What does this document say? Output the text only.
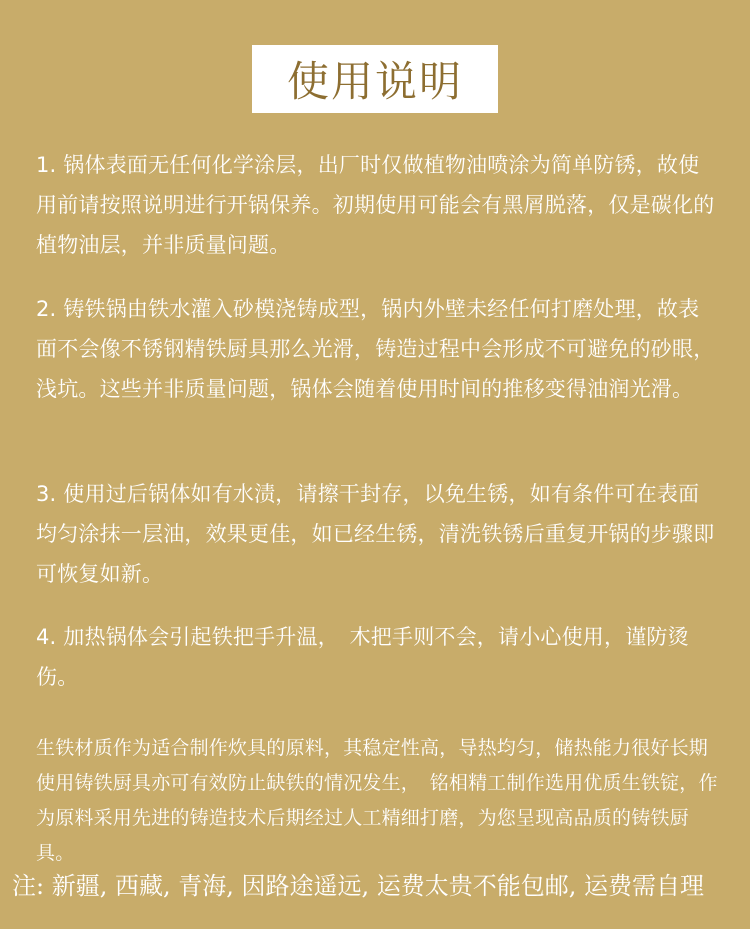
使用说明
1. 锅体表面无任何化学涂层，出厂时仅做植物油喷涂为简单防锈，故使用前请按照说明进行开锅保养。初期使用可能会有黑屑脱落，仅是碳化的植物油层，并非质量问题。
2. 铸铁锅由铁水灌入砂模浇铸成型，锅内外壁未经任何打磨处理，故表面不会像不锈钢精铁厨具那么光滑，铸造过程中会形成不可避免的砂眼，浅坑。这些并非质量问题，锅体会随着使用时间的推移变得油润光滑。
3. 使用过后锅体如有水渍，请擦干封存，以免生锈，如有条件可在表面均匀涂抹一层油，效果更佳，如已经生锈，清洗铁锈后重复开锅的步骤即可恢复如新。
4. 加热锅体会引起铁把手升温，　木把手则不会，请小心使用，谨防烫伤。
生铁材质作为适合制作炊具的原料，其稳定性高，导热均匀，储热能力很好长期使用铸铁厨具亦可有效防止缺铁的情况发生，　铭相精工制作选用优质生铁锭，作为原料采用先进的铸造技术后期经过人工精细打磨，为您呈现高品质的铸铁厨具。
注: 新疆, 西藏, 青海, 因路途遥远, 运费太贵不能包邮, 运费需自理
